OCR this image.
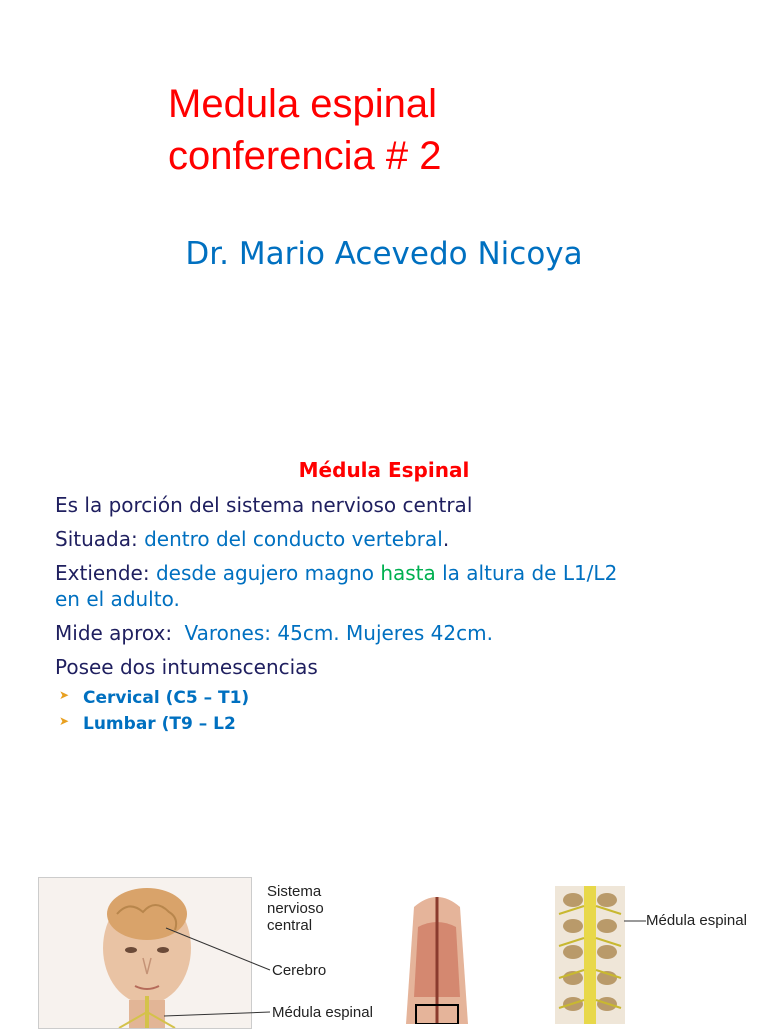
Medula espinal
conferencia # 2
Dr. Mario Acevedo Nicoya
Médula Espinal

Es la porción del sistema nervioso central

Situada: dentro del conducto vertebral.

Extiende: desde agujero magno hasta la altura de L1/L2
en el adulto.

Mide aprox: Varones: 45cm. Mujeres 42cm.

Posee dos intumescencias

➤ Cervical (C5 – T1)
➤ Lumbar (T9 – L2
Sistema
nervioso
central
Cerebro
Médula espinal
Médula espinal
